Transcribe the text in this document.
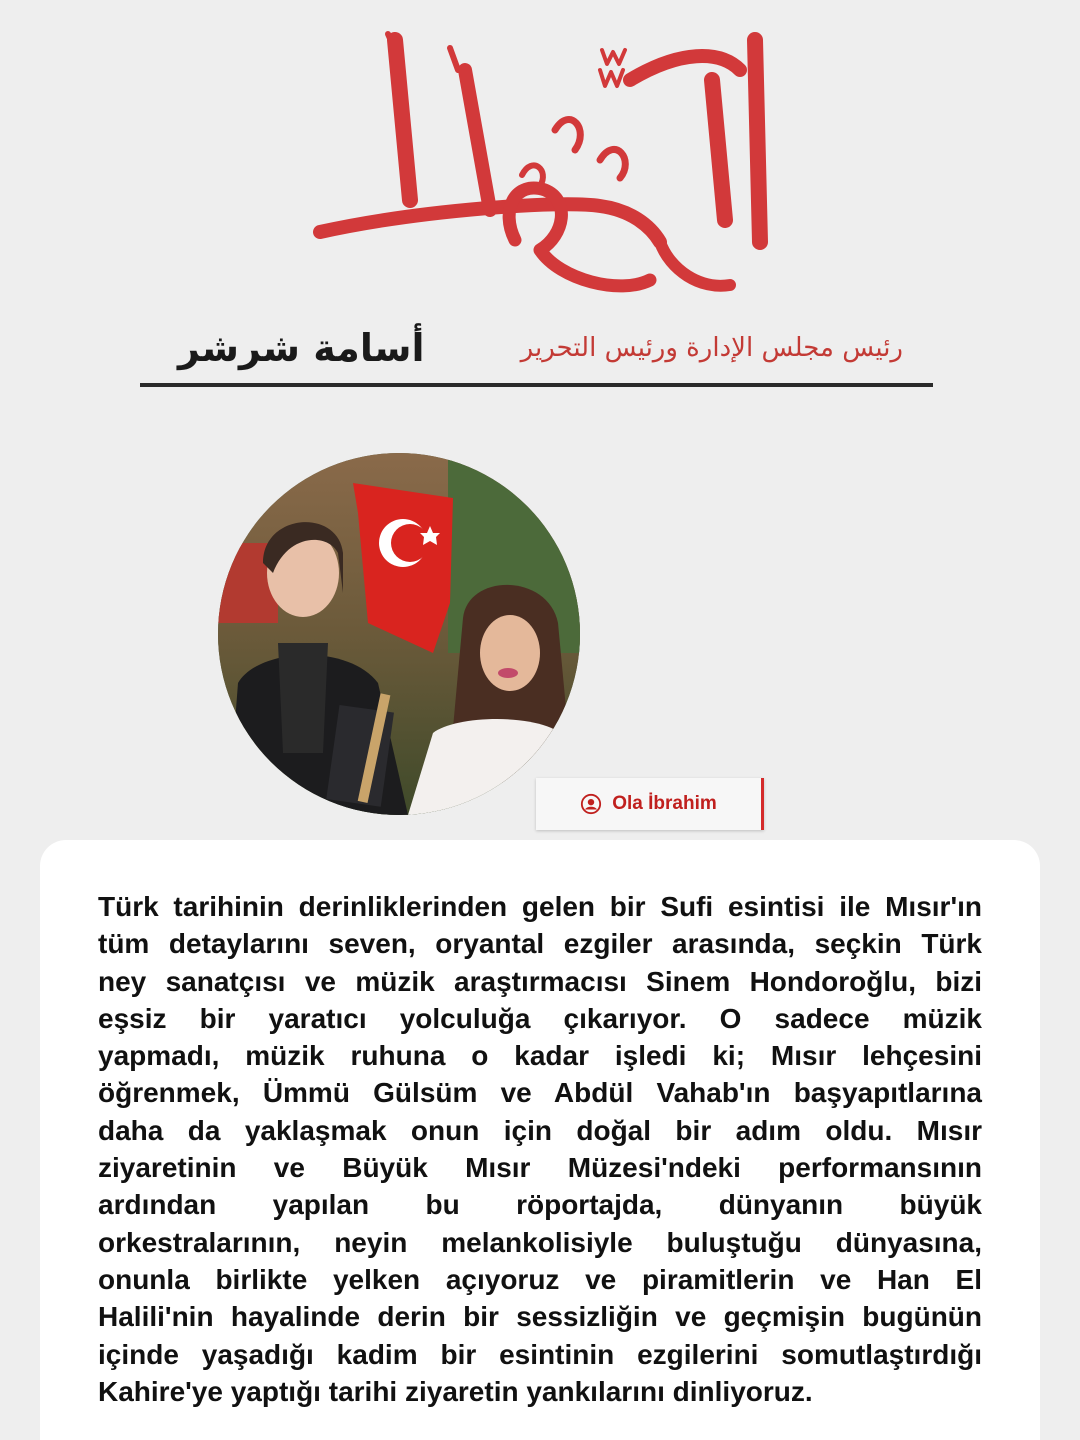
رئيس مجلس الإدارة ورئيس التحرير
أسامة شرشر
Ola İbrahim
Türk tarihinin derinliklerinden gelen bir Sufi esintisi ile Mısır'ın
tüm detaylarını seven, oryantal ezgiler arasında, seçkin Türk
ney sanatçısı ve müzik araştırmacısı Sinem Hondoroğlu, bizi
eşsiz bir yaratıcı yolculuğa çıkarıyor. O sadece müzik
yapmadı, müzik ruhuna o kadar işledi ki; Mısır lehçesini
öğrenmek, Ümmü Gülsüm ve Abdül Vahab'ın başyapıtlarına
daha da yaklaşmak onun için doğal bir adım oldu. Mısır
ziyaretinin ve Büyük Mısır Müzesi'ndeki performansının
ardından yapılan bu röportajda, dünyanın büyük
orkestralarının, neyin melankolisiyle buluştuğu dünyasına,
onunla birlikte yelken açıyoruz ve piramitlerin ve Han El
Halili'nin hayalinde derin bir sessizliğin ve geçmişin bugünün
içinde yaşadığı kadim bir esintinin ezgilerini somutlaştırdığı
Kahire'ye yaptığı tarihi ziyaretin yankılarını dinliyoruz.
